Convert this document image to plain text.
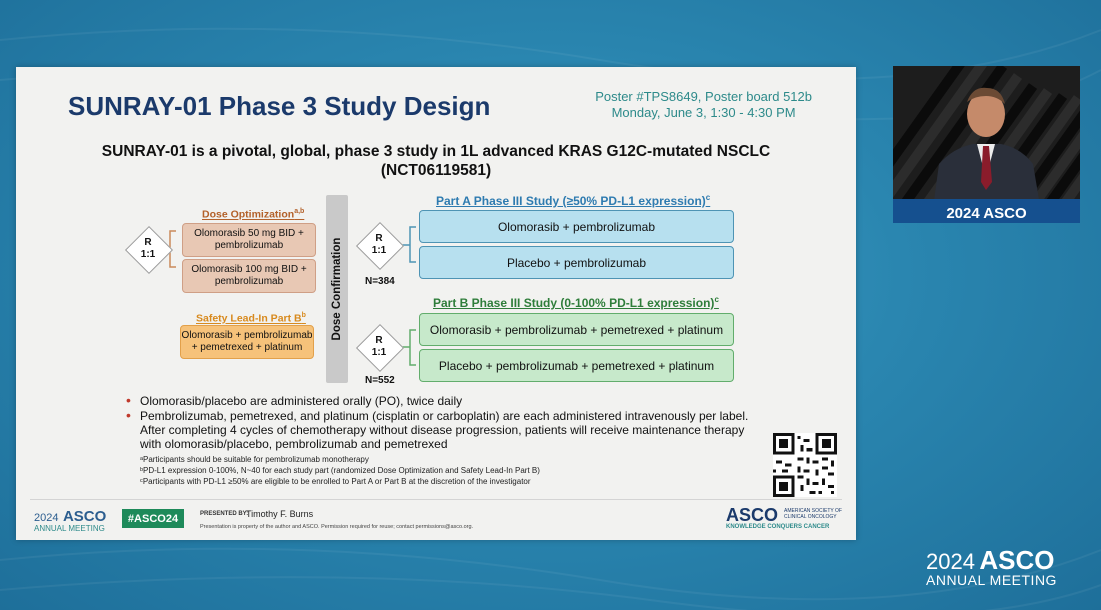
SUNRAY-01 Phase 3 Study Design	Poster #TPS8649, Poster board 512b
Monday, June 3, 1:30 - 4:30 PM
SUNRAY-01 is a pivotal, global, phase 3 study in 1L advanced KRAS G12C-mutated NSCLC
(NCT06119581)
R
1:1
Dose Optimization$^{a,b}$
Olomorasib 50 mg BID + pembrolizumab
Olomorasib 100 mg BID + pembrolizumab
Safety Lead-In Part $B^b$
Olomorasib + pembrolizumab + pemetrexed + platinum
Dose Confirmation
Part A Phase III Study (≥50% PD-L1 expression)$^c$
R
1:1
N=384
Olomorasib + pembrolizumab
Placebo + pembrolizumab
Part B Phase III Study (0-100% PD-L1 expression)$^c$
R
1:1
N=552
Olomorasib + pembrolizumab + pemetrexed + platinum
Placebo + pembrolizumab + pemetrexed + platinum
• Olomorasib/placebo are administered orally (PO), twice daily
• Pembrolizumab, pemetrexed, and platinum (cisplatin or carboplatin) are each administered intravenously per label. After completing 4 cycles of chemotherapy without disease progression, patients will receive maintenance therapy with olomorasib/placebo, pembrolizumab and pemetrexed
ᵃParticipants should be suitable for pembrolizumab monotherapy
ᵇPD-L1 expression 0-100%, N~40 for each study part (randomized Dose Optimization and Safety Lead-In Part B)
ᶜParticipants with PD-L1 ≥50% are eligible to be enrolled to Part A or Part B at the discretion of the investigator
2024 ASCO
ANNUAL MEETING
#ASCO24	PRESENTED BY:
Timothy F. Burns
Presentation is property of the author and ASCO. Permission required for reuse; contact permissions@asco.org.
ASCO AMERICAN SOCIETY OF CLINICAL ONCOLOGY
KNOWLEDGE CONQUERS CANCER
2024 ASCO
2024 ASCO
ANNUAL MEETING
